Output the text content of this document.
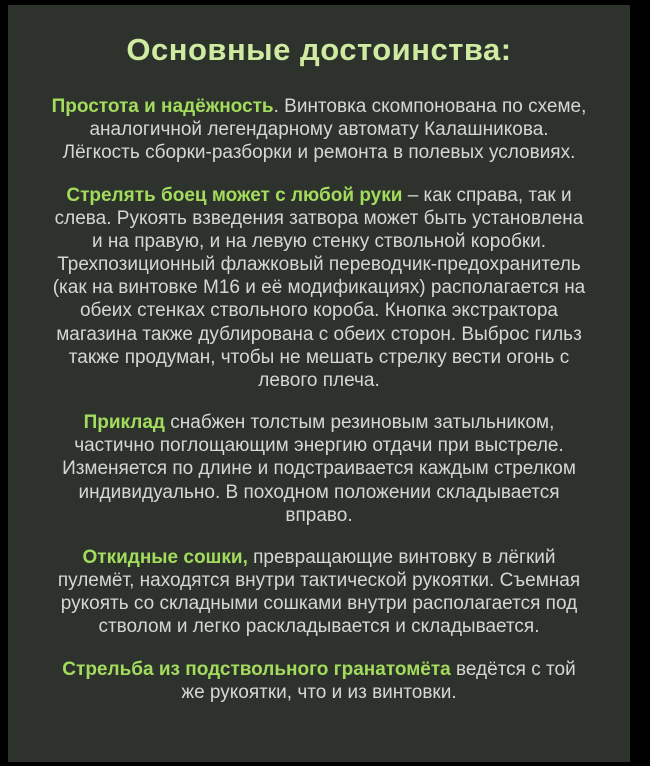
Основные достоинства:

Простота и надёжность. Винтовка скомпонована по схеме, аналогичной легендарному автомату Калашникова. Лёгкость сборки-разборки и ремонта в полевых условиях.

Стрелять боец может с любой руки – как справа, так и слева. Рукоять взведения затвора может быть установлена и на правую, и на левую стенку ствольной коробки. Трехпозиционный флажковый переводчик-предохранитель (как на винтовке М16 и её модификациях) располагается на обеих стенках ствольного короба. Кнопка экстрактора магазина также дублирована с обеих сторон. Выброс гильз также продуман, чтобы не мешать стрелку вести огонь с левого плеча.

Приклад снабжен толстым резиновым затыльником, частично поглощающим энергию отдачи при выстреле. Изменяется по длине и подстраивается каждым стрелком индивидуально. В походном положении складывается вправо.

Откидные сошки, превращающие винтовку в лёгкий пулемёт, находятся внутри тактической рукоятки. Съемная рукоять со складными сошками внутри располагается под стволом и легко раскладывается и складывается.

Стрельба из подствольного гранатомёта ведётся с той же рукоятки, что и из винтовки.
